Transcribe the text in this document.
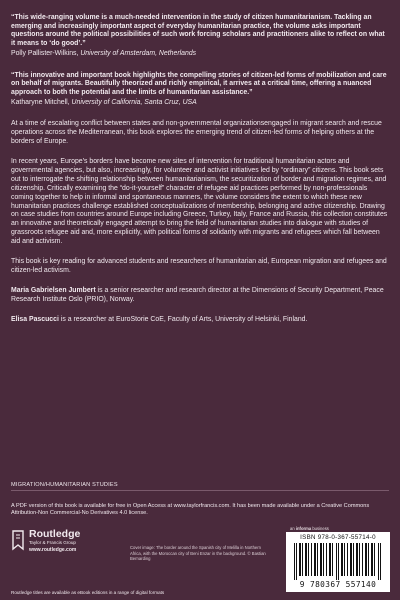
“This wide-ranging volume is a much-needed intervention in the study of citizen humanitarianism. Tackling an emerging and increasingly important aspect of everyday humanitarian practice, the volume asks important questions around the political possibilities of such work forcing scholars and practitioners alike to reflect on what it means to ‘do good’.”

Polly Pallister-Wilkins, University of Amsterdam, Netherlands

“This innovative and important book highlights the compelling stories of citizen-led forms of mobilization and care on behalf of migrants. Beautifully theorized and richly empirical, it arrives at a critical time, offering a nuanced approach to both the potential and the limits of humanitarian assistance.”

Katharyne Mitchell, University of California, Santa Cruz, USA

At a time of escalating conflict between states and non-governmental organizationsengaged in migrant search and rescue operations across the Mediterranean, this book explores the emerging trend of citizen-led forms of helping others at the borders of Europe.

In recent years, Europe’s borders have become new sites of intervention for traditional humanitarian actors and governmental agencies, but also, increasingly, for volunteer and activist initiatives led by “ordinary” citizens. This book sets out to interrogate the shifting relationship between humanitarianism, the securitization of border and migration regimes, and citizenship. Critically examining the “do-it-yourself” character of refugee aid practices performed by non-professionals coming together to help in informal and spontaneous manners, the volume considers the extent to which these new humanitarian practices challenge established conceptualizations of membership, belonging and active citizenship. Drawing on case studies from countries around Europe including Greece, Turkey, Italy, France and Russia, this collection constitutes an innovative and theoretically engaged attempt to bring the field of humanitarian studies into dialogue with studies of grassroots refugee aid and, more explicitly, with political forms of solidarity with migrants and refugees which fall between aid and activism.

This book is key reading for advanced students and researchers of humanitarian aid, European migration and refugees and citizen-led activism.

Maria Gabrielsen Jumbert is a senior researcher and research director at the Dimensions of Security Department, Peace Research Institute Oslo (PRIO), Norway.

Elisa Pascucci is a researcher at EuroStorie CoE, Faculty of Arts, University of Helsinki, Finland.

MIGRATION/HUMANITARIAN STUDIES
A PDF version of this book is available for free in Open Access at www.taylorfrancis.com. It has been made available under a Creative Commons Attribution-Non Commercial-No Derivatives 4.0 license.
Routledge
Taylor & Francis Group
www.routledge.com	Cover image: The border around the Spanish city of Melilla in Northern Africa, with the Moroccan city of Beni Enzar in the background. © Bastian Bernarding
an informa business
ISBN 978-0-367-55714-0
9 780367 557140
Routledge titles are available as eBook editions in a range of digital formats
